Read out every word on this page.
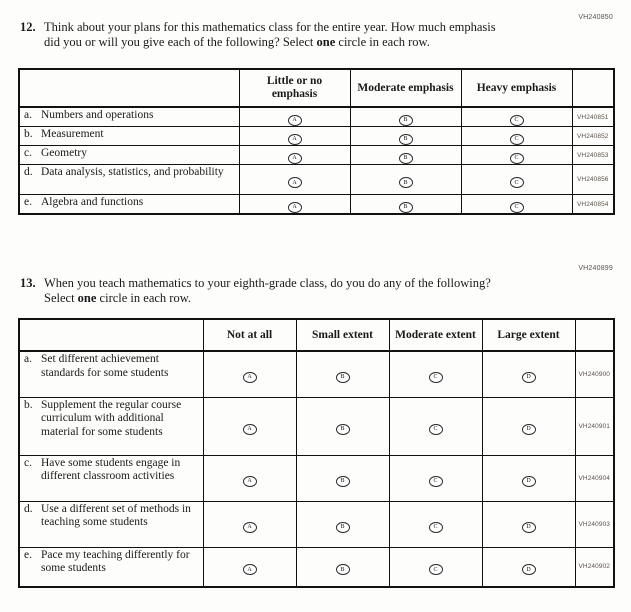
VH240850
12. Think about your plans for this mathematics class for the entire year. How much emphasis did you or will you give each of the following? Select one circle in each row.
	Little or no emphasis	Moderate emphasis	Heavy emphasis	

a. Numbers and operations	A	B	C	VH240851

b. Measurement	A	B	C	VH240852

c. Geometry	A	B	C	VH240853

d. Data analysis, statistics, and probability	A	B	C	VH240856

e. Algebra and functions	A	B	C	VH240854
VH240899
13. When you teach mathematics to your eighth-grade class, do you do any of the following? Select one circle in each row.
	Not at all	Small extent	Moderate extent	Large extent	

a. Set different achievement standards for some students	A	B	C	D	VH240900

b. Supplement the regular course curriculum with additional material for some students	A	B	C	D	VH240901

c. Have some students engage in different classroom activities	A	B	C	D	VH240904

d. Use a different set of methods in teaching some students	A	B	C	D	VH240903

e. Pace my teaching differently for some students	A	B	C	D	VH240902
